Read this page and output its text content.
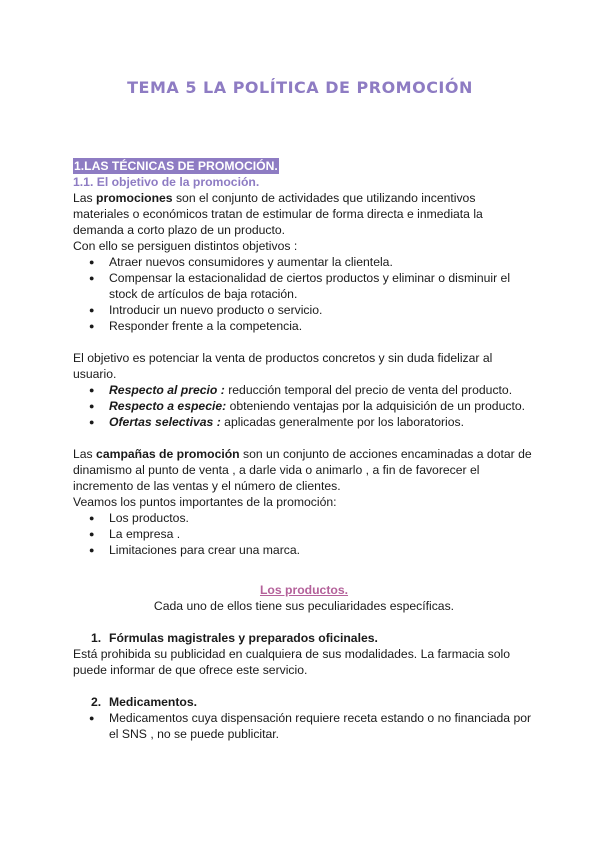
TEMA 5 LA POLÍTICA DE PROMOCIÓN

1.LAS TÉCNICAS DE PROMOCIÓN.

1.1. El objetivo de la promoción.

Las promociones son el conjunto de actividades que utilizando incentivos materiales o económicos tratan de estimular de forma directa e inmediata la demanda a corto plazo de un producto.

Con ello se persiguen distintos objetivos :

● Atraer nuevos consumidores y aumentar la clientela.
● Compensar la estacionalidad de ciertos productos y eliminar o disminuir el stock de artículos de baja rotación.
● Introducir un nuevo producto o servicio.
● Responder frente a la competencia.

El objetivo es potenciar la venta de productos concretos y sin duda fidelizar al usuario.

● Respecto al precio : reducción temporal del precio de venta del producto.
● Respecto a especie: obteniendo ventajas por la adquisición de un producto.
● Ofertas selectivas : aplicadas generalmente por los laboratorios.

Las campañas de promoción son un conjunto de acciones encaminadas a dotar de dinamismo al punto de venta , a darle vida o animarlo , a fin de favorecer el incremento de las ventas y el número de clientes.

Veamos los puntos importantes de la promoción:

● Los productos.
● La empresa .
● Limitaciones para crear una marca.

Los productos.

Cada uno de ellos tiene sus peculiaridades específicas.

1. Fórmulas magistrales y preparados oficinales.

Está prohibida su publicidad en cualquiera de sus modalidades. La farmacia solo puede informar de que ofrece este servicio.

2. Medicamentos.

● Medicamentos cuya dispensación requiere receta estando o no financiada por el SNS , no se puede publicitar.
